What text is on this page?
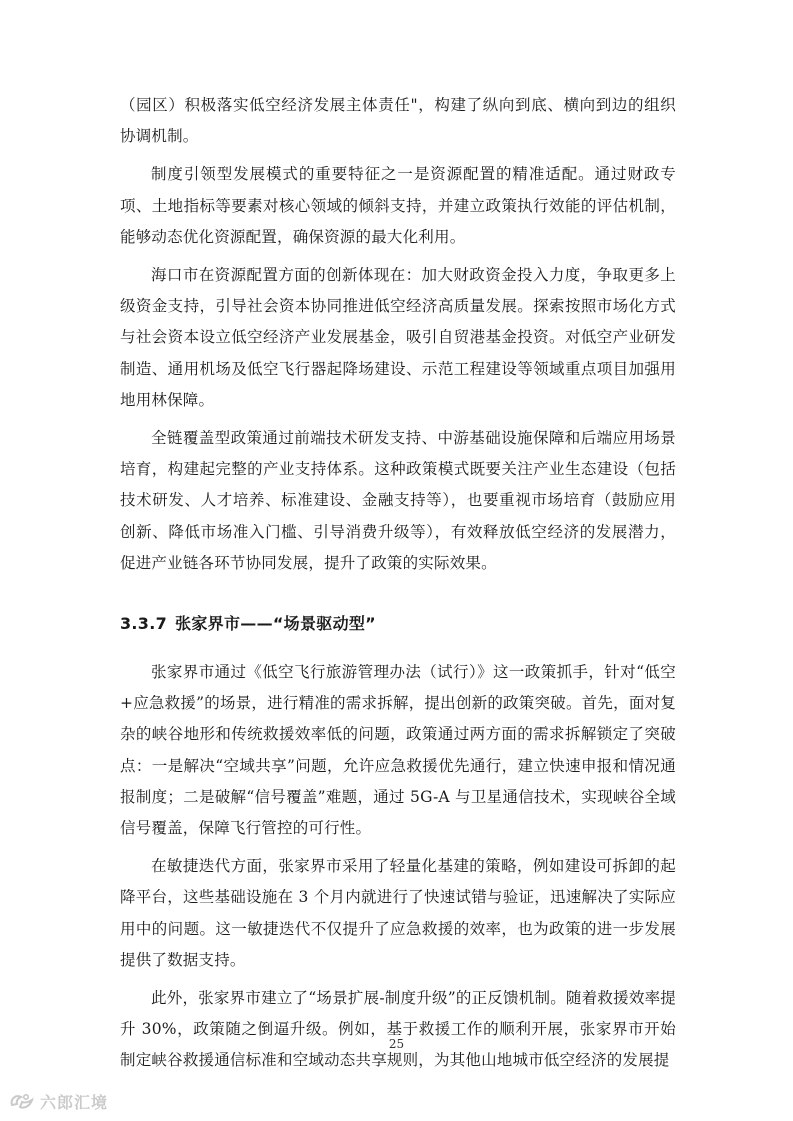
（园区）积极落实低空经济发展主体责任"，构建了纵向到底、横向到边的组织协调机制。

制度引领型发展模式的重要特征之一是资源配置的精准适配。通过财政专项、土地指标等要素对核心领域的倾斜支持，并建立政策执行效能的评估机制，能够动态优化资源配置，确保资源的最大化利用。

海口市在资源配置方面的创新体现在：加大财政资金投入力度，争取更多上级资金支持，引导社会资本协同推进低空经济高质量发展。探索按照市场化方式与社会资本设立低空经济产业发展基金，吸引自贸港基金投资。对低空产业研发制造、通用机场及低空飞行器起降场建设、示范工程建设等领域重点项目加强用地用林保障。

全链覆盖型政策通过前端技术研发支持、中游基础设施保障和后端应用场景培育，构建起完整的产业支持体系。这种政策模式既要关注产业生态建设（包括技术研发、人才培养、标准建设、金融支持等），也要重视市场培育（鼓励应用创新、降低市场准入门槛、引导消费升级等），有效释放低空经济的发展潜力，促进产业链各环节协同发展，提升了政策的实际效果。

3.3.7 张家界市——“场景驱动型”

张家界市通过《低空飞行旅游管理办法（试行）》这一政策抓手，针对“低空+应急救援”的场景，进行精准的需求拆解，提出创新的政策突破。首先，面对复杂的峡谷地形和传统救援效率低的问题，政策通过两方面的需求拆解锁定了突破点：一是解决“空域共享”问题，允许应急救援优先通行，建立快速申报和情况通报制度；二是破解“信号覆盖”难题，通过 5G-A 与卫星通信技术，实现峡谷全域信号覆盖，保障飞行管控的可行性。

在敏捷迭代方面，张家界市采用了轻量化基建的策略，例如建设可拆卸的起降平台，这些基础设施在 3 个月内就进行了快速试错与验证，迅速解决了实际应用中的问题。这一敏捷迭代不仅提升了应急救援的效率，也为政策的进一步发展提供了数据支持。

此外，张家界市建立了“场景扩展-制度升级”的正反馈机制。随着救援效率提升 30%，政策随之倒逼升级。例如，基于救援工作的顺利开展，张家界市开始制定峡谷救援通信标准和空域动态共享规则，为其他山地城市低空经济的发展提

25
六郎汇境
